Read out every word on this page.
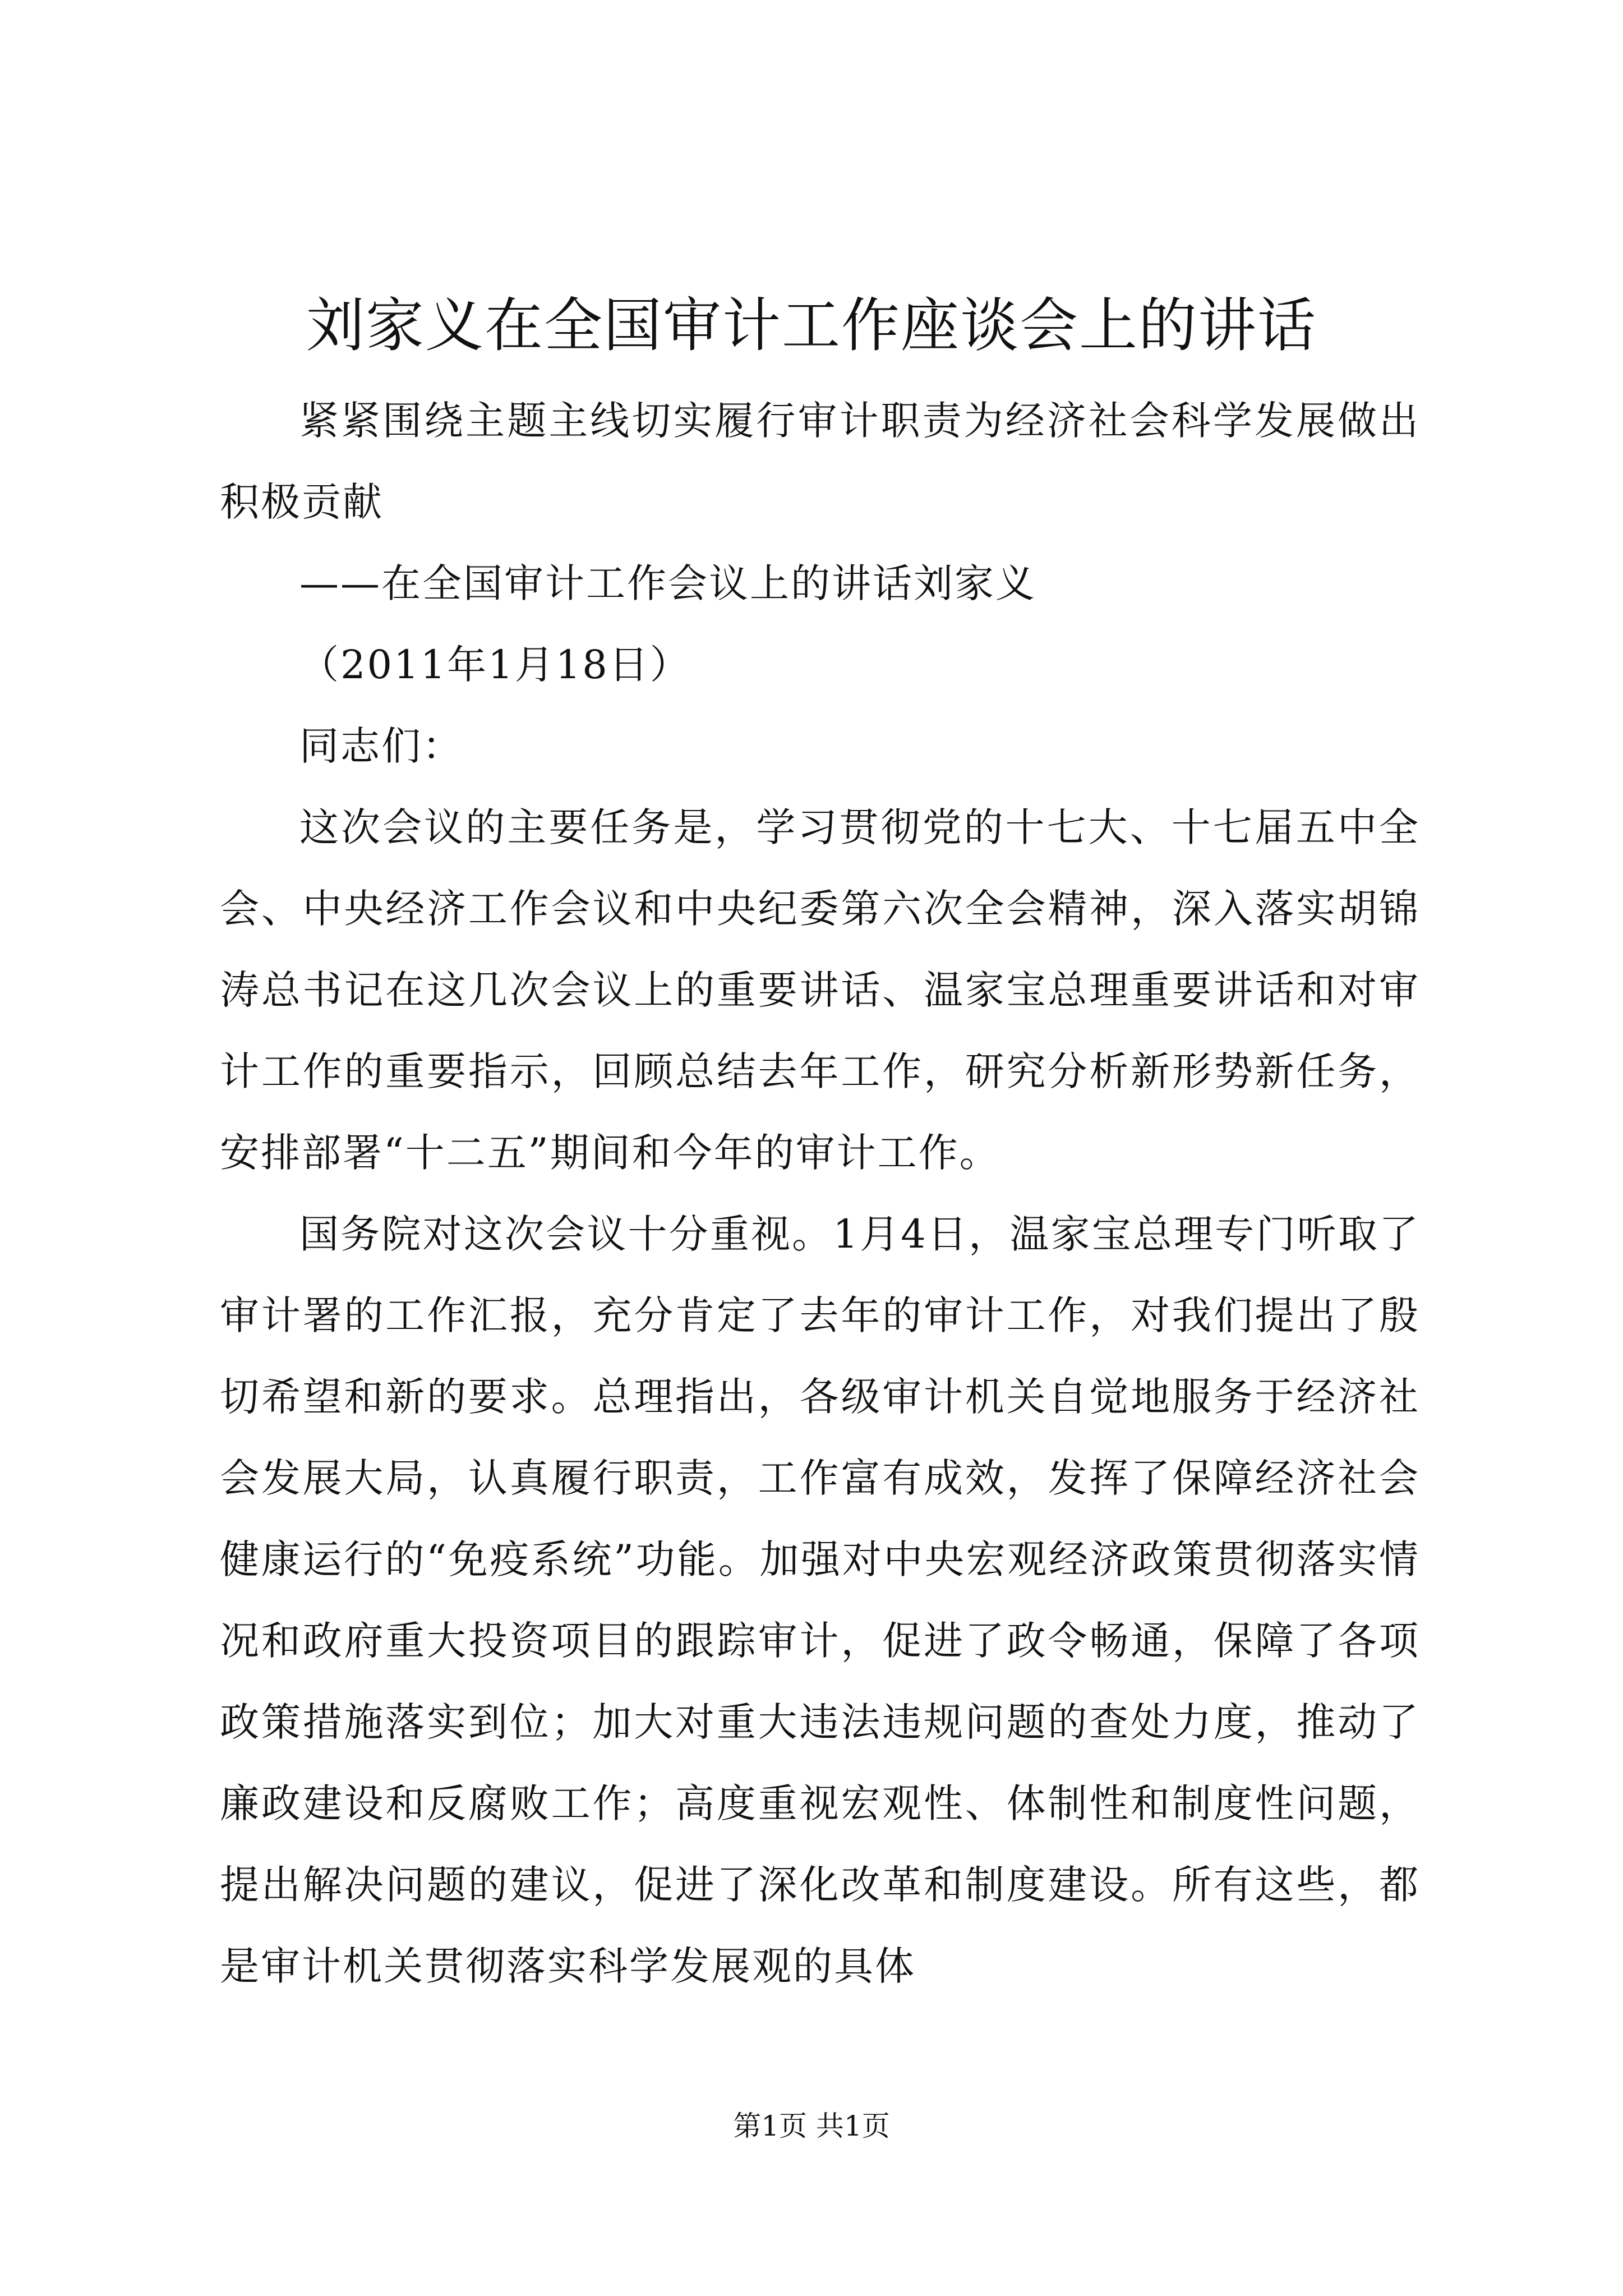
刘家义在全国审计工作座谈会上的讲话

紧紧围绕主题主线切实履行审计职责为经济社会科学发展做出积极贡献

——在全国审计工作会议上的讲话刘家义

（2011年1月18日）

同志们：

这次会议的主要任务是，学习贯彻党的十七大、十七届五中全会、中央经济工作会议和中央纪委第六次全会精神，深入落实胡锦涛总书记在这几次会议上的重要讲话、温家宝总理重要讲话和对审计工作的重要指示，回顾总结去年工作，研究分析新形势新任务，安排部署“十二五”期间和今年的审计工作。

国务院对这次会议十分重视。1月4日，温家宝总理专门听取了审计署的工作汇报，充分肯定了去年的审计工作，对我们提出了殷切希望和新的要求。总理指出，各级审计机关自觉地服务于经济社会发展大局，认真履行职责，工作富有成效，发挥了保障经济社会健康运行的“免疫系统”功能。加强对中央宏观经济政策贯彻落实情况和政府重大投资项目的跟踪审计，促进了政令畅通，保障了各项政策措施落实到位；加大对重大违法违规问题的查处力度，推动了廉政建设和反腐败工作；高度重视宏观性、体制性和制度性问题，提出解决问题的建议，促进了深化改革和制度建设。所有这些，都是审计机关贯彻落实科学发展观的具体

第1页 共1页
